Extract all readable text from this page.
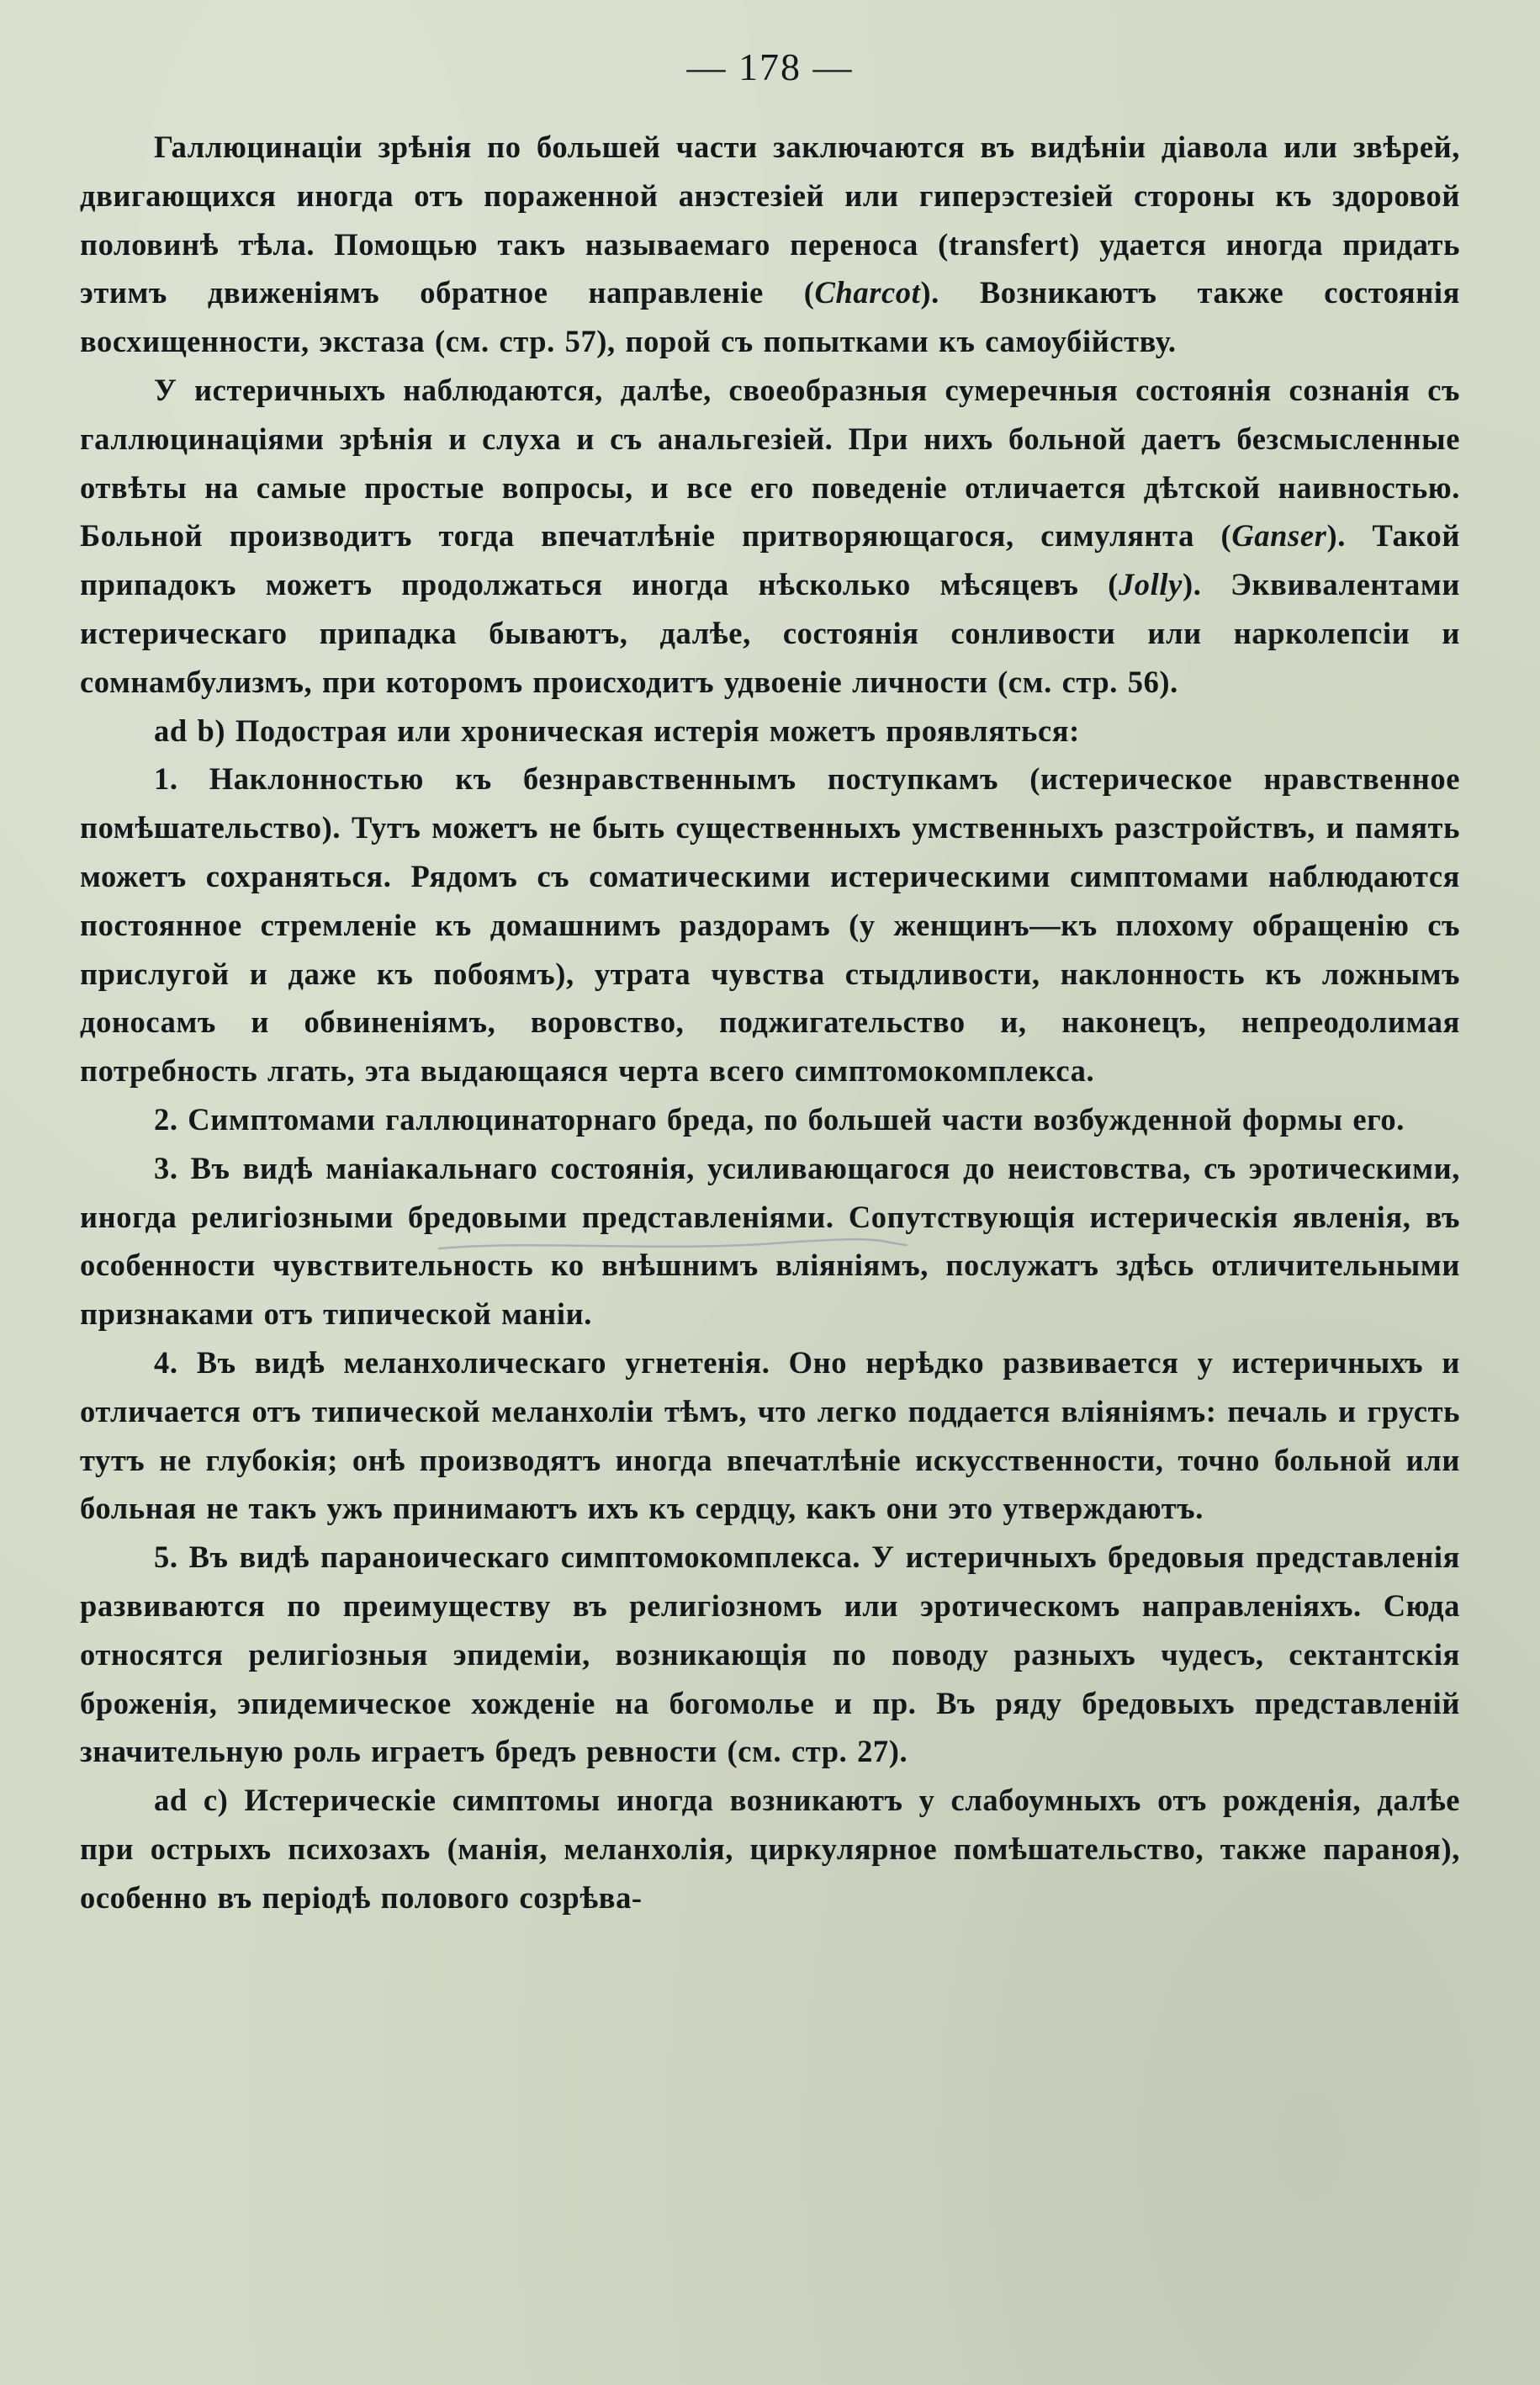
— 178 —

Галлюцинаціи зрѣнія по большей части заключаются въ видѣніи діавола или звѣрей, двигающихся иногда отъ пораженной анэстезіей или гиперэстезіей стороны къ здоровой половинѣ тѣла. Помощью такъ называемаго переноса (transfert) удается иногда придать этимъ движеніямъ обратное направленіе (Charcot). Возникаютъ также состоянія восхищенности, экстаза (см. стр. 57), порой съ попытками къ самоубійству.

У истеричныхъ наблюдаются, далѣе, своеобразныя сумеречныя состоянія сознанія съ галлюцинаціями зрѣнія и слуха и съ анальгезіей. При нихъ больной даетъ безсмысленные отвѣты на самые простые вопросы, и все его поведеніе отличается дѣтской наивностью. Больной производитъ тогда впечатлѣніе притворяющагося, симулянта (Ganser). Такой припадокъ можетъ продолжаться иногда нѣсколько мѣсяцевъ (Jolly). Эквивалентами истерическаго припадка бываютъ, далѣе, состоянія сонливости или нарколепсіи и сомнамбулизмъ, при которомъ происходитъ удвоеніе личности (см. стр. 56).

ad b) Подострая или хроническая истерія можетъ проявляться:

1. Наклонностью къ безнравственнымъ поступкамъ (истерическое нравственное помѣшательство). Тутъ можетъ не быть существенныхъ умственныхъ разстройствъ, и память можетъ сохраняться. Рядомъ съ соматическими истерическими симптомами наблюдаются постоянное стремленіе къ домашнимъ раздорамъ (у женщинъ—къ плохому обращенію съ прислугой и даже къ побоямъ), утрата чувства стыдливости, наклонность къ ложнымъ доносамъ и обвиненіямъ, воровство, поджигательство и, наконецъ, непреодолимая потребность лгать, эта выдающаяся черта всего симптомокомплекса.

2. Симптомами галлюцинаторнаго бреда, по большей части возбужденной формы его.

3. Въ видѣ маніакальнаго состоянія, усиливающагося до неистовства, съ эротическими, иногда религіозными бредовыми представленіями. Сопутствующія истерическія явленія, въ особенности чувствительность ко внѣшнимъ вліяніямъ, послужатъ здѣсь отличительными признаками отъ типической маніи.

4. Въ видѣ меланхолическаго угнетенія. Оно нерѣдко развивается у истеричныхъ и отличается отъ типической меланхоліи тѣмъ, что легко поддается вліяніямъ: печаль и грусть тутъ не глубокія; онѣ производятъ иногда впечатлѣніе искусственности, точно больной или больная не такъ ужъ принимаютъ ихъ къ сердцу, какъ они это утверждаютъ.

5. Въ видѣ параноическаго симптомокомплекса. У истеричныхъ бредовыя представленія развиваются по преимуществу въ религіозномъ или эротическомъ направленіяхъ. Сюда относятся религіозныя эпидеміи, возникающія по поводу разныхъ чудесъ, сектантскія броженія, эпидемическое хожденіе на богомолье и пр. Въ ряду бредовыхъ представленій значительную роль играетъ бредъ ревности (см. стр. 27).

ad c) Истерическіе симптомы иногда возникаютъ у слабоумныхъ отъ рожденія, далѣе при острыхъ психозахъ (манія, меланхолія, циркулярное помѣшательство, также параноя), особенно въ періодѣ полового созрѣва-
